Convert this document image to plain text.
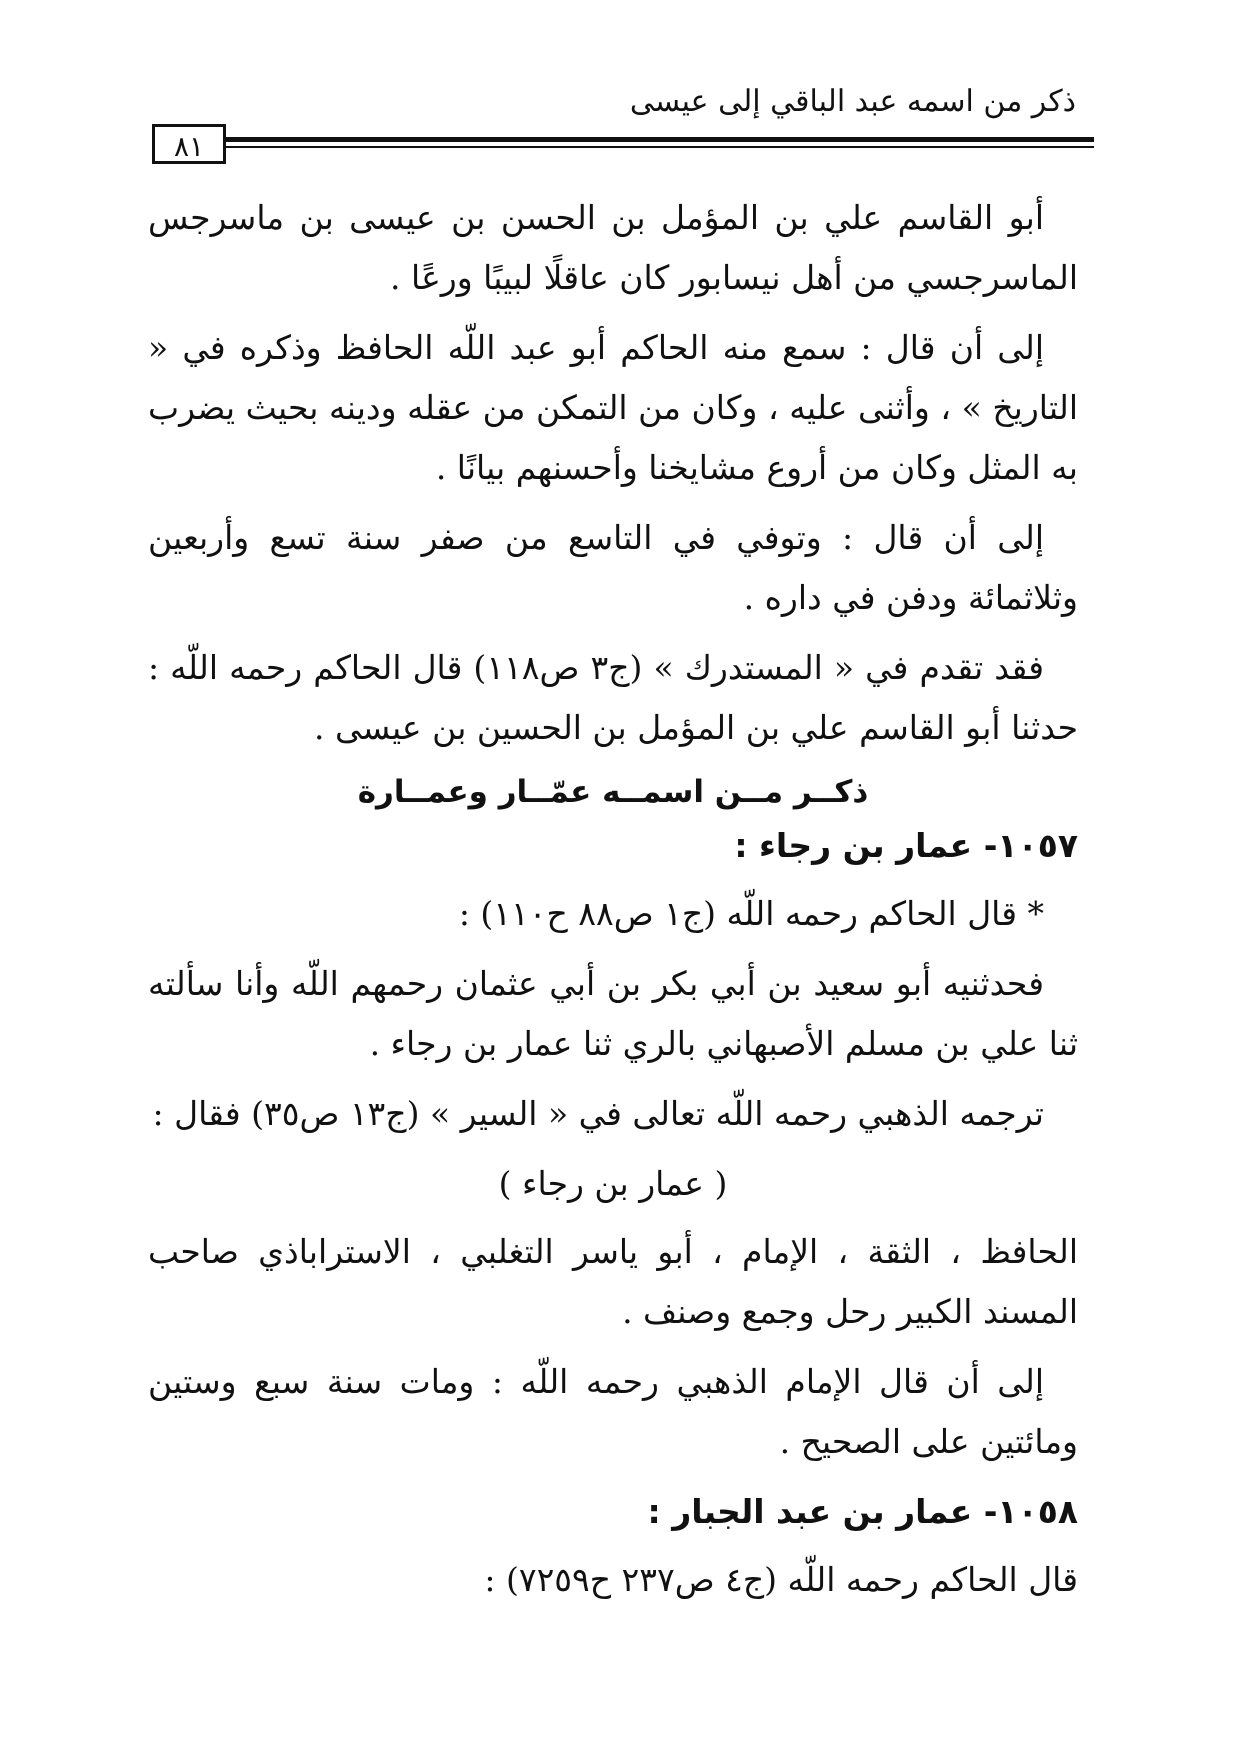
ذكر من اسمه عبد الباقي إلى عيسى
٨١

أبو القاسم علي بن المؤمل بن الحسن بن عيسى بن ماسرجس الماسرجسي من أهل نيسابور كان عاقلًا لبيبًا ورعًا .

إلى أن قال : سمع منه الحاكم أبو عبد اللّه الحافظ وذكره في « التاريخ » ، وأثنى عليه ، وكان من التمكن من عقله ودينه بحيث يضرب به المثل وكان من أروع مشايخنا وأحسنهم بيانًا .

إلى أن قال : وتوفي في التاسع من صفر سنة تسع وأربعين وثلاثمائة ودفن في داره .

فقد تقدم في « المستدرك » (ج٣ ص١١٨) قال الحاكم رحمه اللّه : حدثنا أبو القاسم علي بن المؤمل بن الحسين بن عيسى .

ذكــر مــن اسمــه عمّــار وعمــارة
١٠٥٧- عمار بن رجاء :

* قال الحاكم رحمه اللّه (ج١ ص٨٨ ح١١٠) :

فحدثنيه أبو سعيد بن أبي بكر بن أبي عثمان رحمهم اللّه وأنا سألته ثنا علي بن مسلم الأصبهاني بالري ثنا عمار بن رجاء .

ترجمه الذهبي رحمه اللّه تعالى في « السير » (ج١٣ ص٣٥) فقال :

( عمار بن رجاء )

الحافظ ، الثقة ، الإمام ، أبو ياسر التغلبي ، الاستراباذي صاحب المسند الكبير رحل وجمع وصنف .

إلى أن قال الإمام الذهبي رحمه اللّه : ومات سنة سبع وستين ومائتين على الصحيح .

١٠٥٨- عمار بن عبد الجبار :

قال الحاكم رحمه اللّه (ج٤ ص٢٣٧ ح٧٢٥٩) :
